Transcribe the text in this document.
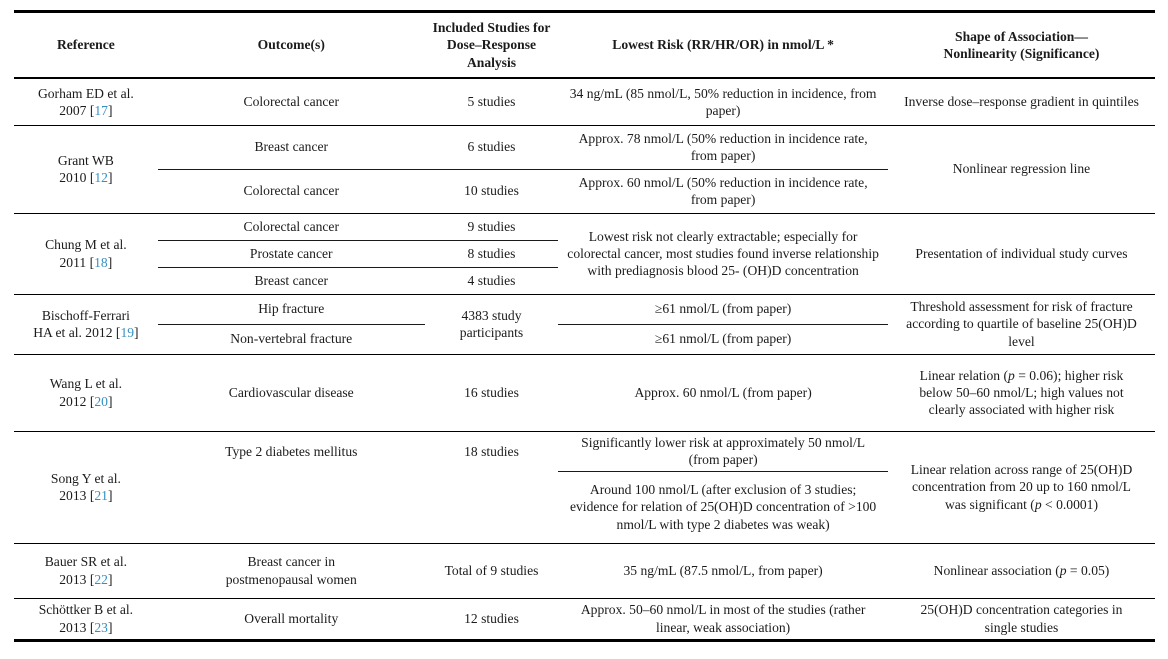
Reference	Outcome(s)	Included Studies for Dose–Response Analysis	Lowest Risk (RR/HR/OR) in nmol/L *	Shape of Association—Nonlinearity (Significance)

Gorham ED et al.
2007 [17]	Colorectal cancer	5 studies	34 ng/mL (85 nmol/L, 50% reduction in incidence, from paper)	Inverse dose–response gradient in quintiles

Grant WB
2010 [12]	Breast cancer	6 studies	Approx. 78 nmol/L (50% reduction in incidence rate, from paper)	Nonlinear regression line
	Colorectal cancer	10 studies	Approx. 60 nmol/L (50% reduction in incidence rate, from paper)	

Chung M et al.
2011 [18]	Colorectal cancer	9 studies	Lowest risk not clearly extractable; especially for colorectal cancer, most studies found inverse relationship with prediagnosis blood 25- (OH)D concentration	Presentation of individual study curves

	Prostate cancer	8 studies		
	Breast cancer	4 studies		

Bischoff-Ferrari
HA et al. 2012 [19]	Hip fracture	4383 study participants	≥61 nmol/L (from paper)	Threshold assessment for risk of fracture according to quartile of baseline 25(OH)D level

	Non-vertebral fracture		≥61 nmol/L (from paper)	

Wang L et al.
2012 [20]	Cardiovascular disease	16 studies	Approx. 60 nmol/L (from paper)	Linear relation (p = 0.06); higher risk below 50–60 nmol/L; high values not clearly associated with higher risk

Song Y et al.
2013 [21]	Type 2 diabetes mellitus	18 studies	Significantly lower risk at approximately 50 nmol/L (from paper)	Linear relation across range of 25(OH)D concentration from 20 up to 160 nmol/L was significant (p < 0.0001)

			Around 100 nmol/L (after exclusion of 3 studies; evidence for relation of 25(OH)D concentration of >100 nmol/L with type 2 diabetes was weak)	

Bauer SR et al.
2013 [22]	Breast cancer in postmenopausal women	Total of 9 studies	35 ng/mL (87.5 nmol/L, from paper)	Nonlinear association (p = 0.05)

Schöttker B et al.
2013 [23]	Overall mortality	12 studies	Approx. 50–60 nmol/L in most of the studies (rather linear, weak association)	25(OH)D concentration categories in single studies
